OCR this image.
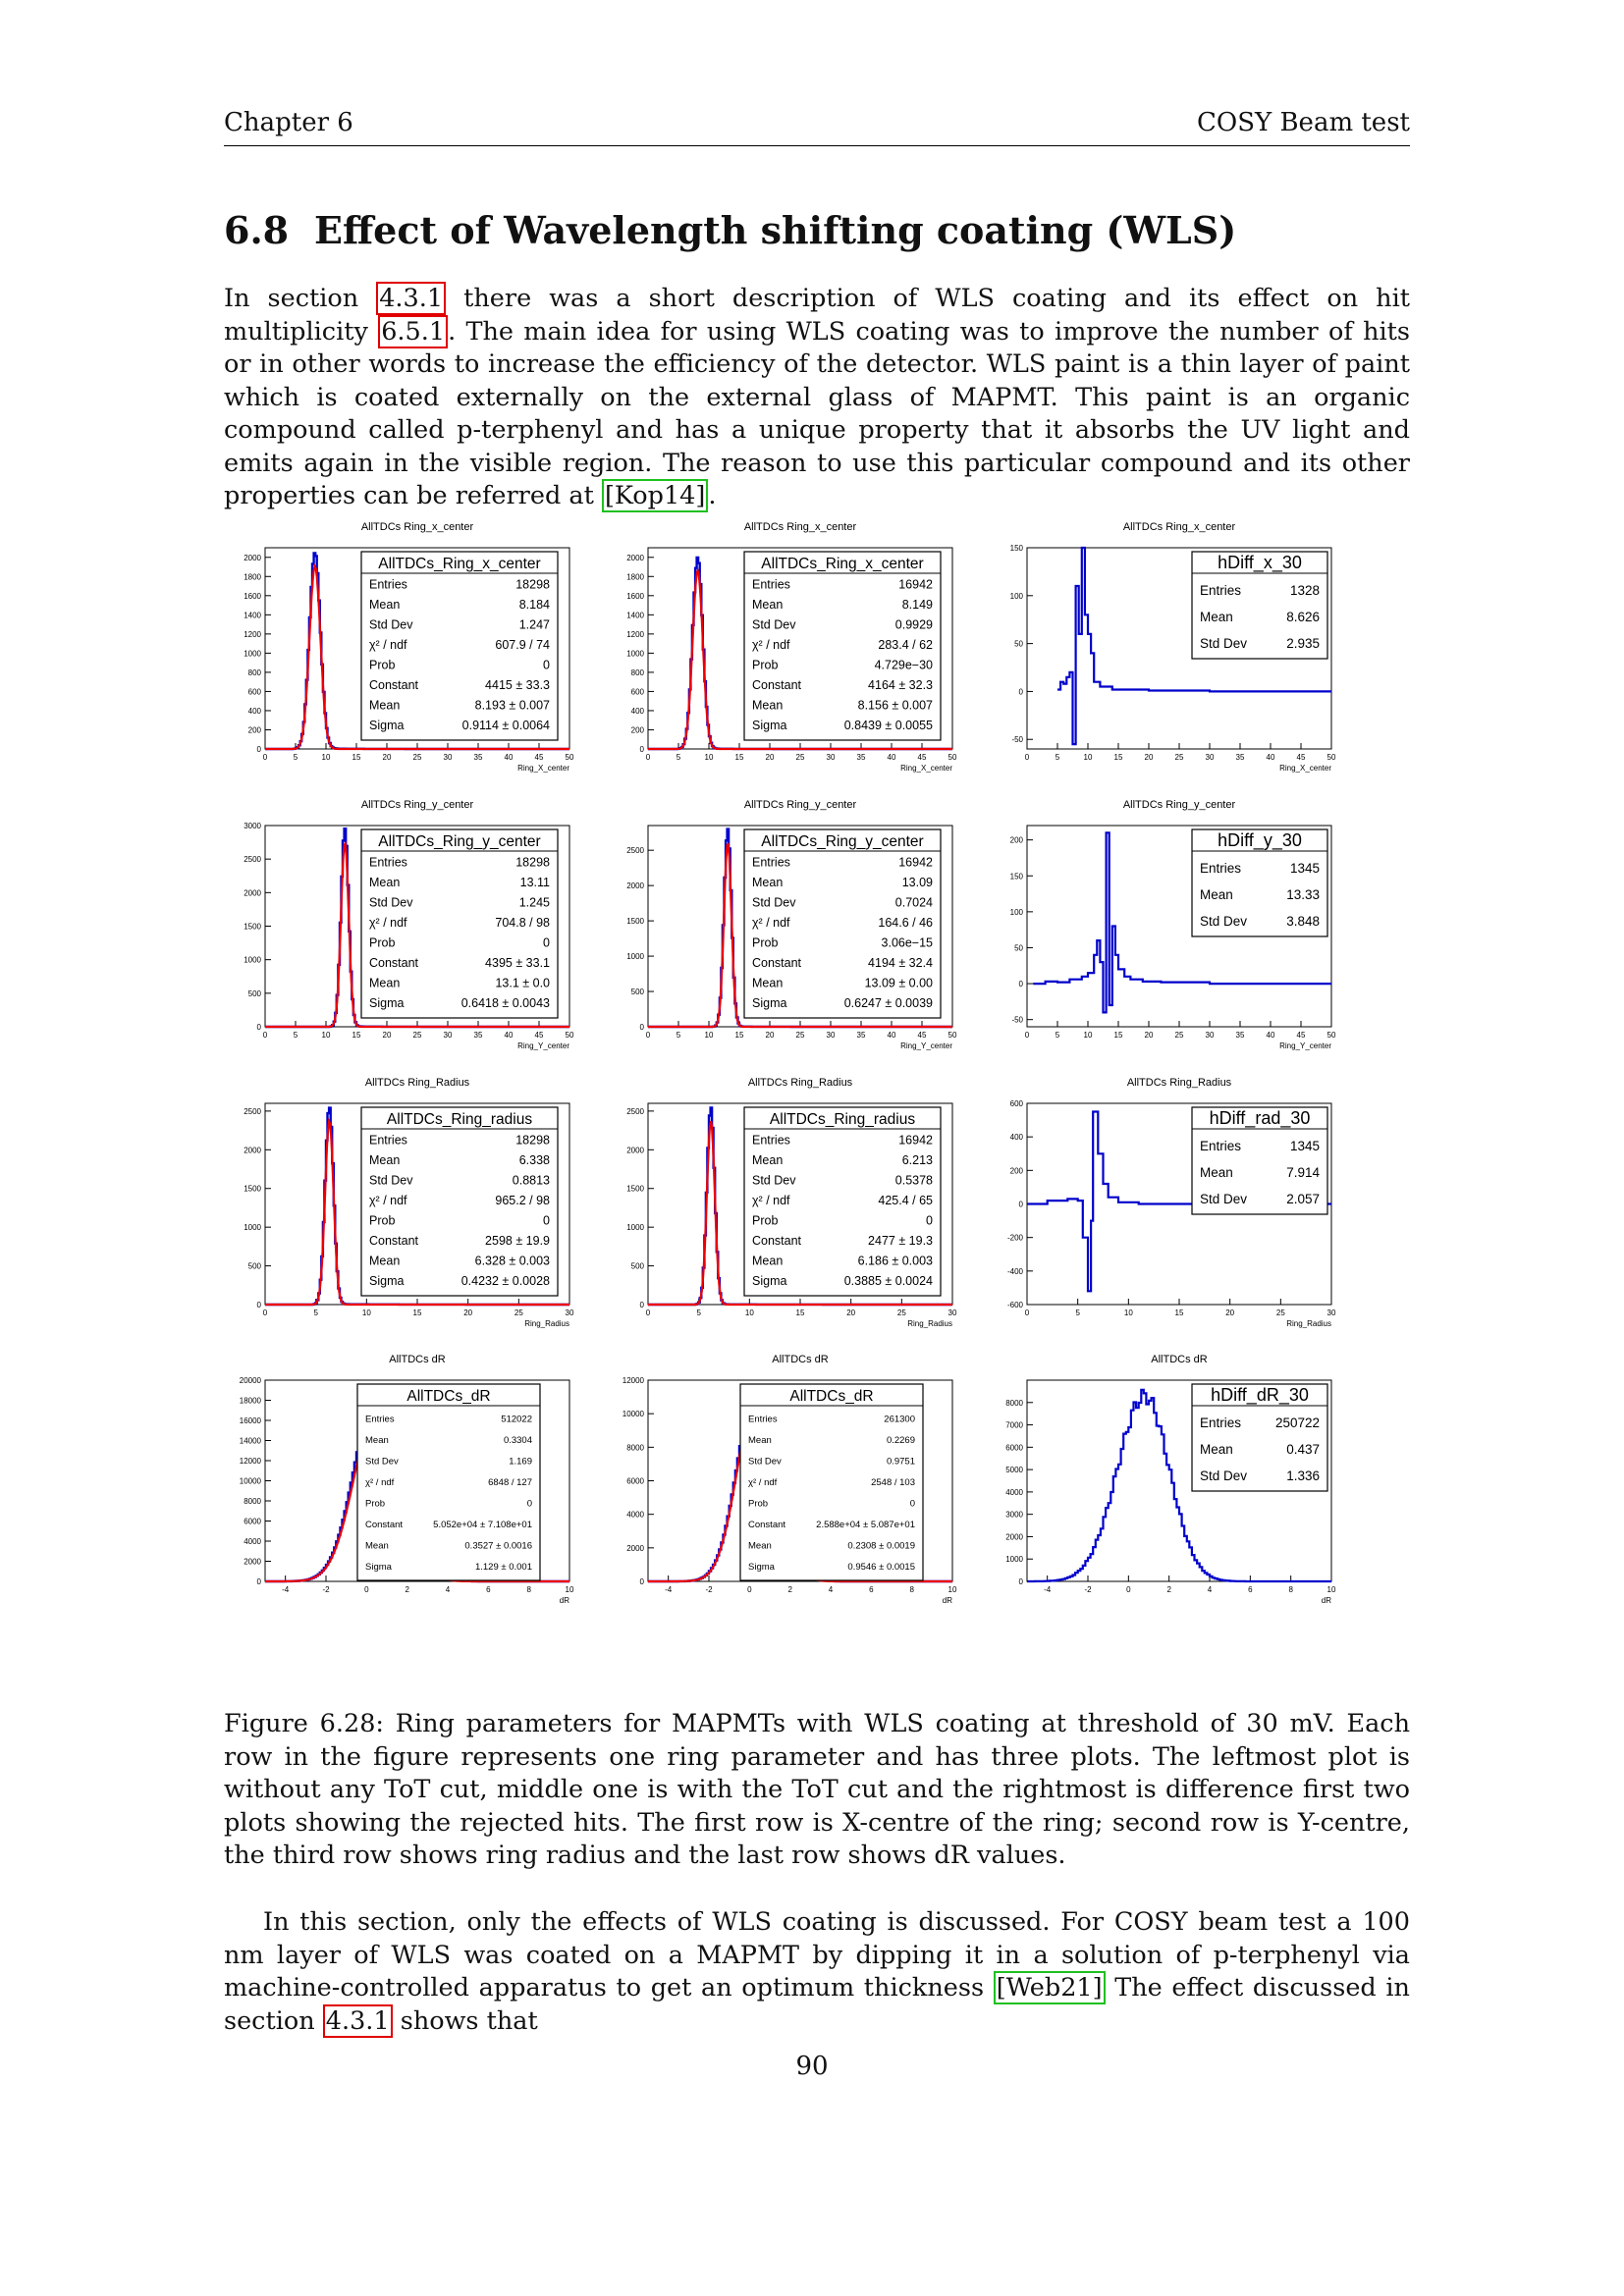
Chapter 6	COSY Beam test
6.8 Effect of Wavelength shifting coating (WLS)

In section 4.3.1 there was a short description of WLS coating and its effect on hit multiplicity 6.5.1 . The main idea for using WLS coating was to improve the number of hits or in other words to increase the efficiency of the detector. WLS paint is a thin layer of paint which is coated externally on the external glass of MAPMT. This paint is an organic compound called p-terphenyl and has a unique property that it absorbs the UV light and emits again in the visible region. The reason to use this particular compound and its other properties can be referred at [Kop14] .

AllTDCs Ring_x_center
0	5	10	15	20	25	30	35	40	45	50
0
200
400
600
800
1000
1200
1400
1600
1800
2000
Ring_X_center
AllTDCs_Ring_x_center
Entries	18298
Mean	8.184
Std Dev	1.247
χ² / ndf	607.9 / 74
Prob	0
Constant	4415 ± 33.3
Mean	8.193 ± 0.007
Sigma	0.9114 ± 0.0064
AllTDCs Ring_x_center
0	5	10	15	20	25	30	35	40	45	50
0
200
400
600
800
1000
1200
1400
1600
1800
2000
Ring_X_center
AllTDCs_Ring_x_center
Entries	16942
Mean	8.149
Std Dev	0.9929
χ² / ndf	283.4 / 62
Prob	4.729e−30
Constant	4164 ± 32.3
Mean	8.156 ± 0.007
Sigma	0.8439 ± 0.0055
AllTDCs Ring_x_center
0	5	10	15	20	25	30	35	40	45	50
-50
0
50
100
150
Ring_X_center
hDiff_x_30
Entries	1328
Mean	8.626
Std Dev	2.935
AllTDCs Ring_y_center
0	5	10	15	20	25	30	35	40	45	50
0
500
1000
1500
2000
2500
3000
Ring_Y_center
AllTDCs_Ring_y_center
Entries	18298
Mean	13.11
Std Dev	1.245
χ² / ndf	704.8 / 98
Prob	0
Constant	4395 ± 33.1
Mean	13.1 ± 0.0
Sigma	0.6418 ± 0.0043
AllTDCs Ring_y_center
0	5	10	15	20	25	30	35	40	45	50
0
500
1000
1500
2000
2500
Ring_Y_center
AllTDCs_Ring_y_center
Entries	16942
Mean	13.09
Std Dev	0.7024
χ² / ndf	164.6 / 46
Prob	3.06e−15
Constant	4194 ± 32.4
Mean	13.09 ± 0.00
Sigma	0.6247 ± 0.0039
AllTDCs Ring_y_center
0	5	10	15	20	25	30	35	40	45	50
-50
0
50
100
150
200
Ring_Y_center
hDiff_y_30
Entries	1345
Mean	13.33
Std Dev	3.848
AllTDCs Ring_Radius
0	5	10	15	20	25	30
0
500
1000
1500
2000
2500
Ring_Radius
AllTDCs_Ring_radius
Entries	18298
Mean	6.338
Std Dev	0.8813
χ² / ndf	965.2 / 98
Prob	0
Constant	2598 ± 19.9
Mean	6.328 ± 0.003
Sigma	0.4232 ± 0.0028
AllTDCs Ring_Radius
0	5	10	15	20	25	30
0
500
1000
1500
2000
2500
Ring_Radius
AllTDCs_Ring_radius
Entries	16942
Mean	6.213
Std Dev	0.5378
χ² / ndf	425.4 / 65
Prob	0
Constant	2477 ± 19.3
Mean	6.186 ± 0.003
Sigma	0.3885 ± 0.0024
AllTDCs Ring_Radius
0	5	10	15	20	25	30
-600
-400
-200
0
200
400
600
Ring_Radius
hDiff_rad_30
Entries	1345
Mean	7.914
Std Dev	2.057
AllTDCs dR
-4	-2	0	2	4	6	8	10
0
2000
4000
6000
8000
10000
12000
14000
16000
18000
20000
dR
AllTDCs_dR
Entries	512022
Mean	0.3304
Std Dev	1.169
χ² / ndf	6848 / 127
Prob	0
Constant	5.052e+04 ± 7.108e+01
Mean	0.3527 ± 0.0016
Sigma	1.129 ± 0.001
AllTDCs dR
-4	-2	0	2	4	6	8	10
0
2000
4000
6000
8000
10000
12000
dR
AllTDCs_dR
Entries	261300
Mean	0.2269
Std Dev	0.9751
χ² / ndf	2548 / 103
Prob	0
Constant	2.588e+04 ± 5.087e+01
Mean	0.2308 ± 0.0019
Sigma	0.9546 ± 0.0015
AllTDCs dR
-4	-2	0	2	4	6	8	10
0
1000
2000
3000
4000
5000
6000
7000
8000
dR
hDiff_dR_30
Entries	250722
Mean	0.437
Std Dev	1.336

Figure 6.28: Ring parameters for MAPMTs with WLS coating at threshold of 30 mV. Each row in the figure represents one ring parameter and has three plots. The leftmost plot is without any ToT cut, middle one is with the ToT cut and the rightmost is difference first two plots showing the rejected hits. The first row is X-centre of the ring; second row is Y-centre, the third row shows ring radius and the last row shows dR values.

In this section, only the effects of WLS coating is discussed. For COSY beam test a 100 nm layer of WLS was coated on a MAPMT by dipping it in a solution of p-terphenyl via machine-controlled apparatus to get an optimum thickness [Web21] The effect discussed in section 4.3.1 shows that

90
